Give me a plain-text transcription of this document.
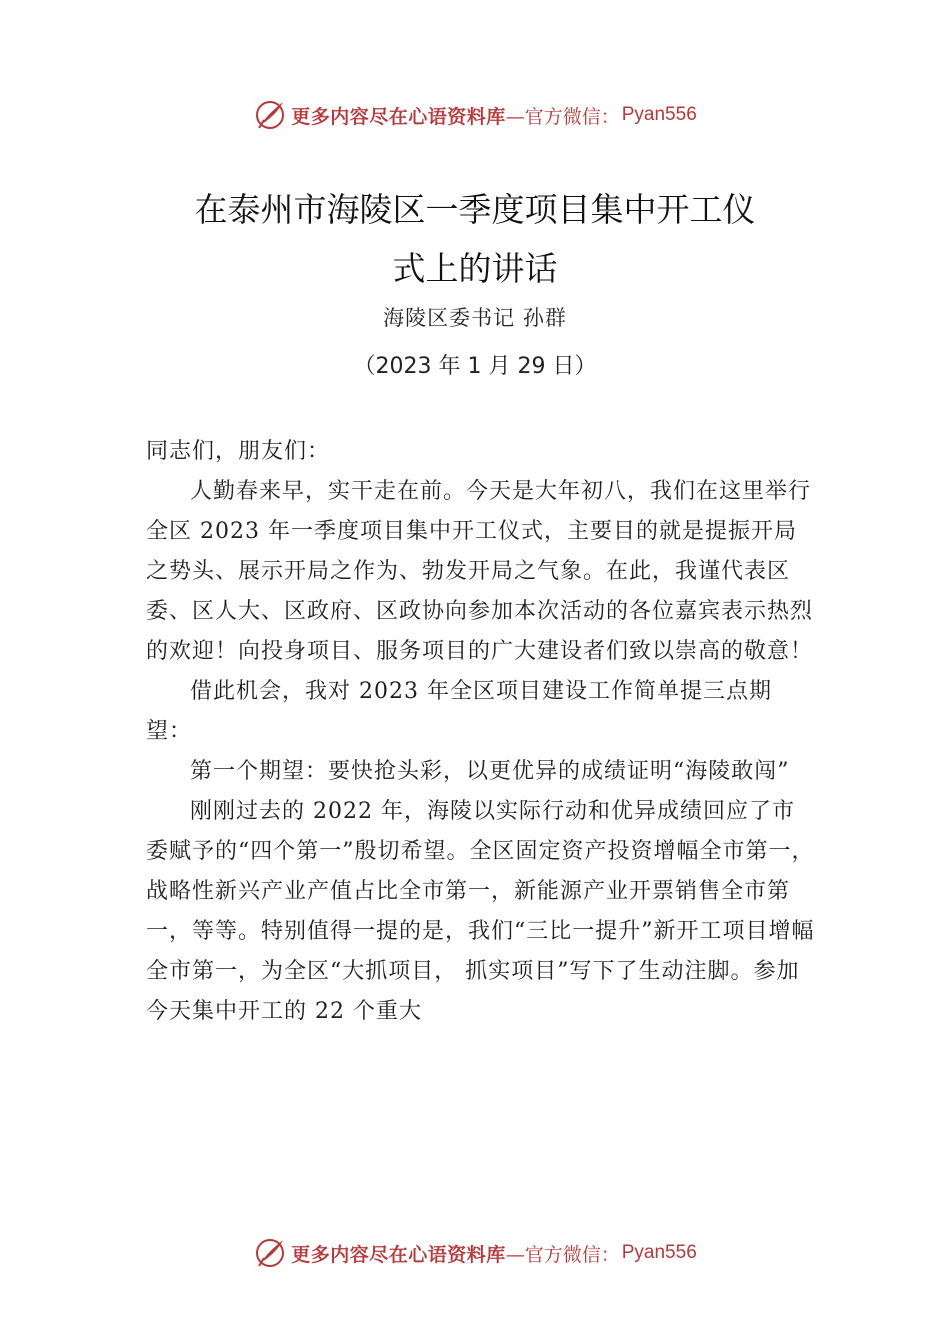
更多内容尽在心语资料库 —官方微信： Pyan556
在泰州市海陵区一季度项目集中开工仪
式上的讲话
海陵区委书记 孙群
（2023 年 1 月 29 日）

同志们，朋友们：

人勤春来早，实干走在前。今天是大年初八，我们在这里举行全区 2023 年一季度项目集中开工仪式，主要目的就是提振开局之势头、展示开局之作为、勃发开局之气象。在此，我谨代表区委、区人大、区政府、区政协向参加本次活动的各位嘉宾表示热烈的欢迎！向投身项目、服务项目的广大建设者们致以崇高的敬意！

借此机会，我对 2023 年全区项目建设工作简单提三点期望：

第一个期望：要快抢头彩，以更优异的成绩证明“海陵敢闯”

刚刚过去的 2022 年，海陵以实际行动和优异成绩回应了市委赋予的“四个第一”殷切希望。全区固定资产投资增幅全市第一，战略性新兴产业产值占比全市第一，新能源产业开票销售全市第一，等等。特别值得一提的是，我们“三比一提升”新开工项目增幅全市第一，为全区“大抓项目， 抓实项目”写下了生动注脚。参加今天集中开工的 22 个重大

更多内容尽在心语资料库 —官方微信： Pyan556
